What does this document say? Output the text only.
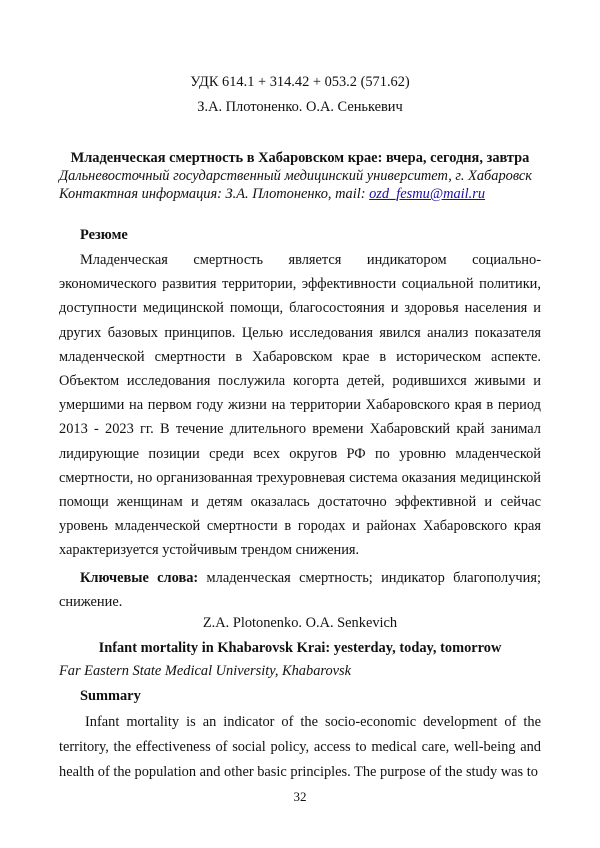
УДК 614.1 + 314.42 + 053.2 (571.62)
З.А. Плотоненко. О.А. Сенькевич
Младенческая смертность в Хабаровском крае: вчера, сегодня, завтра
Дальневосточный государственный медицинский университет, г. Хабаровск
Контактная информация: З.А. Плотоненко, mail: ozd_fesmu@mail.ru
Резюме

Младенческая смертность является индикатором социально-экономического развития территории, эффективности социальной политики, доступности медицинской помощи, благосостояния и здоровья населения и других базовых принципов. Целью исследования явился анализ показателя младенческой смертности в Хабаровском крае в историческом аспекте. Объектом исследования послужила когорта детей, родившихся живыми и умершими на первом году жизни на территории Хабаровского края в период 2013 - 2023 гг. В течение длительного времени Хабаровский край занимал лидирующие позиции среди всех округов РФ по уровню младенческой смертности, но организованная трехуровневая система оказания медицинской помощи женщинам и детям оказалась достаточно эффективной и сейчас уровень младенческой смертности в городах и районах Хабаровского края характеризуется устойчивым трендом снижения.

Ключевые слова: младенческая смертность; индикатор благополучия; снижение.

Z.A. Plotonenko. O.A. Senkevich
Infant mortality in Khabarovsk Krai: yesterday, today, tomorrow
Far Eastern State Medical University, Khabarovsk
Summary

Infant mortality is an indicator of the socio-economic development of the territory, the effectiveness of social policy, access to medical care, well-being and health of the population and other basic principles. The purpose of the study was to

32
